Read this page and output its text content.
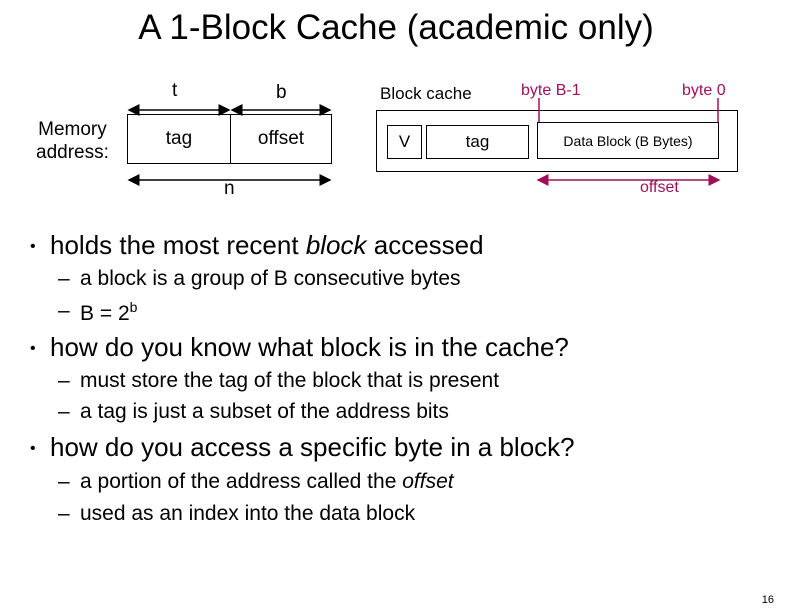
A 1-Block Cache (academic only)
Memory
address:
t	b
tag	offset
n
Block cache	byte B-1	byte 0
V	tag	Data Block (B Bytes)
offset
• holds the most recent block accessed
– a block is a group of B consecutive bytes
– $B = 2^b$
• how do you know what block is in the cache?
– must store the tag of the block that is present
– a tag is just a subset of the address bits
• how do you access a specific byte in a block?
– a portion of the address called the offset
– used as an index into the data block
16
